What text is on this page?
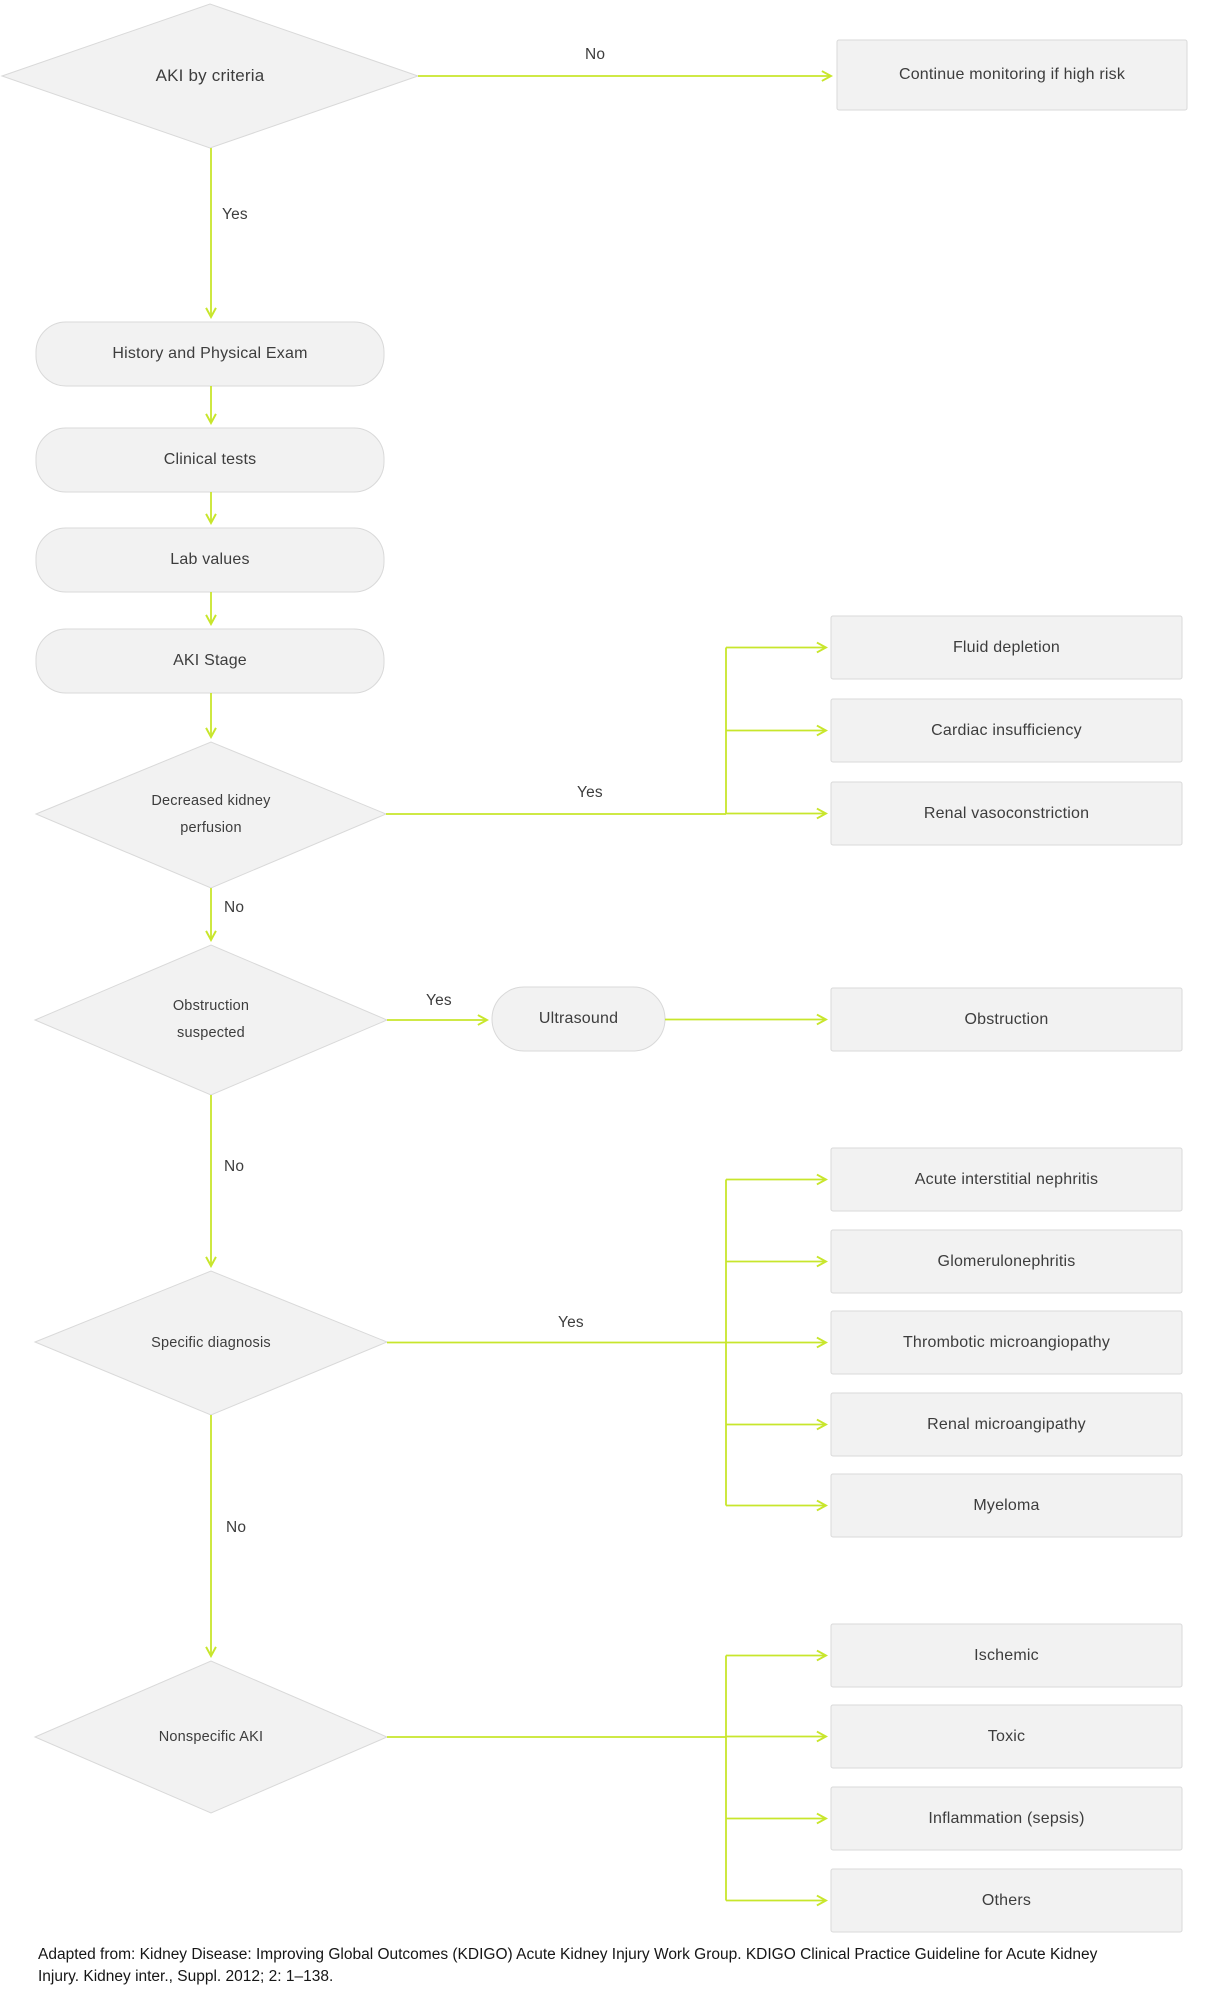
AKI by criteria	Continue monitoring if high risk
History and Physical Exam
Clinical tests
Lab values
AKI Stage
Decreased kidney perfusion
Fluid depletion
Cardiac insufficiency
Renal vasoconstriction
Obstruction suspected
Ultrasound	Obstruction
Specific diagnosis
Acute interstitial nephritis
Glomerulonephritis
Thrombotic microangiopathy
Renal microangipathy
Myeloma
Nonspecific AKI
Ischemic
Toxic
Inflammation (sepsis)
Others
No
Yes
Yes
No
Yes
No
Yes
No
Adapted from: Kidney Disease: Improving Global Outcomes (KDIGO) Acute Kidney Injury Work Group. KDIGO Clinical Practice Guideline for Acute Kidney Injury. Kidney inter., Suppl. 2012; 2: 1–138.
